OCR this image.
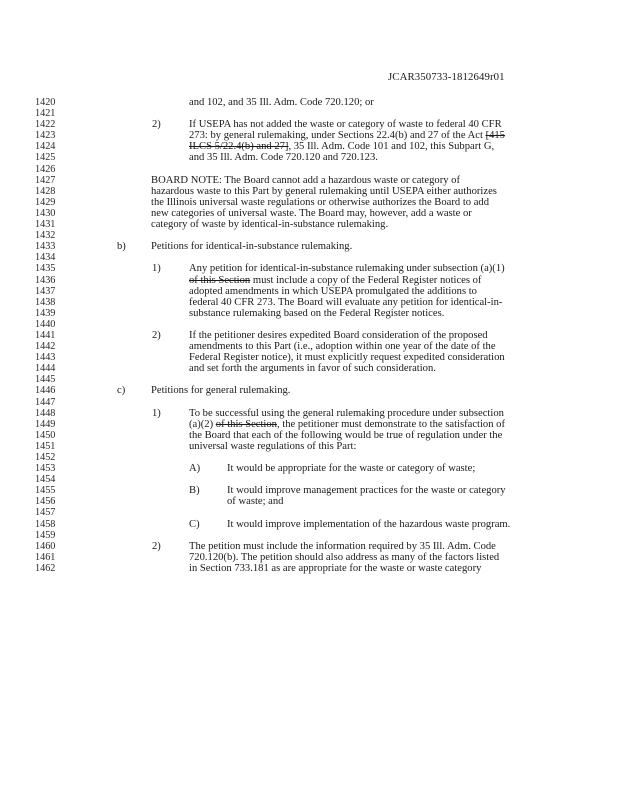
JCAR350733-1812649r01
1420	and 102, and 35 Ill. Adm. Code 720.120; or
1421
1422	2)	If USEPA has not added the waste or category of waste to federal 40 CFR
1423	273: by general rulemaking, under Sections 22.4(b) and 27 of the Act [415
1424	ILCS 5/22.4(b) and 27], 35 Ill. Adm. Code 101 and 102, this Subpart G,
1425	and 35 Ill. Adm. Code 720.120 and 720.123.
1426
1427	BOARD NOTE: The Board cannot add a hazardous waste or category of
1428	hazardous waste to this Part by general rulemaking until USEPA either authorizes
1429	the Illinois universal waste regulations or otherwise authorizes the Board to add
1430	new categories of universal waste. The Board may, however, add a waste or
1431	category of waste by identical-in-substance rulemaking.
1432
1433	b) Petitions for identical-in-substance rulemaking.
1434
1435	1)	Any petition for identical-in-substance rulemaking under subsection (a)(1)
1436	of this Section must include a copy of the Federal Register notices of
1437	adopted amendments in which USEPA promulgated the additions to
1438	federal 40 CFR 273. The Board will evaluate any petition for identical-in-
1439	substance rulemaking based on the Federal Register notices.
1440
1441	2)	If the petitioner desires expedited Board consideration of the proposed
1442	amendments to this Part (i.e., adoption within one year of the date of the
1443	Federal Register notice), it must explicitly request expedited consideration
1444	and set forth the arguments in favor of such consideration.
1445
1446	c) Petitions for general rulemaking.
1447
1448	1)	To be successful using the general rulemaking procedure under subsection
1449	(a)(2) of this Section, the petitioner must demonstrate to the satisfaction of
1450	the Board that each of the following would be true of regulation under the
1451	universal waste regulations of this Part:
1452
1453	A)	It would be appropriate for the waste or category of waste;
1454
1455	B)	It would improve management practices for the waste or category
1456	of waste; and
1457
1458	C)	It would improve implementation of the hazardous waste program.
1459
1460	2)	The petition must include the information required by 35 Ill. Adm. Code
1461	720.120(b). The petition should also address as many of the factors listed
1462	in Section 733.181 as are appropriate for the waste or waste category
